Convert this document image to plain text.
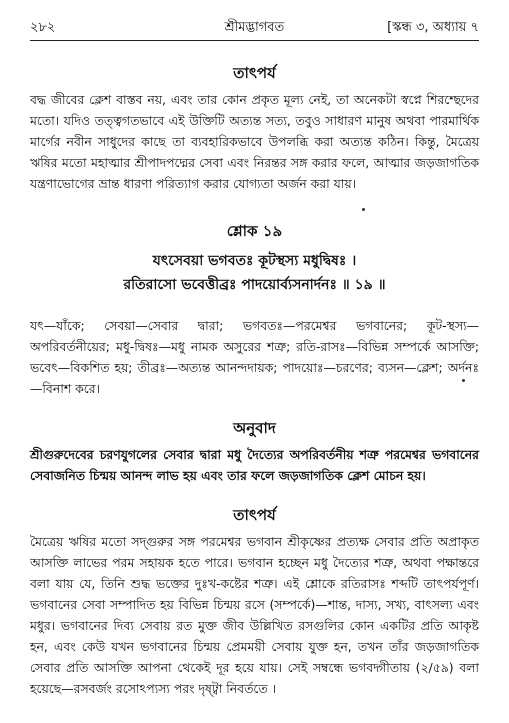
২৮২	শ্রীমদ্ভাগবত	[স্কন্ধ ৩, অধ্যায় ৭
তাৎপর্য

বদ্ধ জীবের ক্লেশ বাস্তব নয়, এবং তার কোন প্রকৃত মূল্য নেই, তা অনেকটা স্বপ্নে শিরশ্ছেদের মতো। যদিও তত্ত্বগতভাবে এই উক্তিটি অত্যন্ত সত্য, তবুও সাধারণ মানুষ অথবা পারমার্থিক মার্গের নবীন সাধুদের কাছে তা ব্যবহারিকভাবে উপলব্ধি করা অত্যন্ত কঠিন। কিন্তু, মৈত্রেয় ঋষির মতো মহাত্মার শ্রীপাদপদ্মের সেবা এবং নিরন্তর সঙ্গ করার ফলে, আত্মার জড়জাগতিক যন্ত্রণাভোগের ভ্রান্ত ধারণা পরিত্যাগ করার যোগ্যতা অর্জন করা যায়।

শ্লোক ১৯

যৎসেবয়া ভগবতঃ কূটস্থস্য মধুদ্বিষঃ ।

রতিরাসো ভবেত্তীব্রঃ পাদয়োর্ব্যসনার্দনঃ ॥ ১৯ ॥

যৎ—যাঁকে; সেবয়া—সেবার দ্বারা; ভগবতঃ—পরমেশ্বর ভগবানের; কূট-স্থস্য—অপরিবর্তনীয়ের; মধু-দ্বিষঃ—মধু নামক অসুরের শত্রু; রতি-রাসঃ—বিভিন্ন সম্পর্কে আসক্তি; ভবেৎ—বিকশিত হয়; তীব্রঃ—অত্যন্ত আনন্দদায়ক; পাদয়োঃ—চরণের; ব্যসন—ক্লেশ; অর্দনঃ—বিনাশ করে।

অনুবাদ

শ্রীগুরুদেবের চরণযুগলের সেবার দ্বারা মধু দৈত্যের অপরিবর্তনীয় শত্রু পরমেশ্বর ভগবানের সেবাজনিত চিন্ময় আনন্দ লাভ হয় এবং তার ফলে জড়জাগতিক ক্লেশ মোচন হয়।

তাৎপর্য

মৈত্রেয় ঋষির মতো সদ্গুরুর সঙ্গ পরমেশ্বর ভগবান শ্রীকৃষ্ণের প্রত্যক্ষ সেবার প্রতি অপ্রাকৃত আসক্তি লাভের পরম সহায়ক হতে পারে। ভগবান হচ্ছেন মধু দৈত্যের শত্রু, অথবা পক্ষান্তরে বলা যায় যে, তিনি শুদ্ধ ভক্তের দুঃখ-কষ্টের শত্রু। এই শ্লোকে রতিরাসঃ শব্দটি তাৎপর্যপূর্ণ। ভগবানের সেবা সম্পাদিত হয় বিভিন্ন চিন্ময় রসে (সম্পর্কে)—শান্ত, দাস্য, সখ্য, বাৎসল্য এবং মধুর। ভগবানের দিব্য সেবায় রত মুক্ত জীব উল্লিখিত রসগুলির কোন একটির প্রতি আকৃষ্ট হন, এবং কেউ যখন ভগবানের চিন্ময় প্রেমময়ী সেবায় যুক্ত হন, তখন তাঁর জড়জাগতিক সেবার প্রতি আসক্তি আপনা থেকেই দূর হয়ে যায়। সেই সম্বন্ধে ভগবদ্গীতায় (২/৫৯) বলা হয়েছে—রসবর্জং রসোঽপ্যস্য পরং দৃষ্ট্বা নিবর্ততে ।
